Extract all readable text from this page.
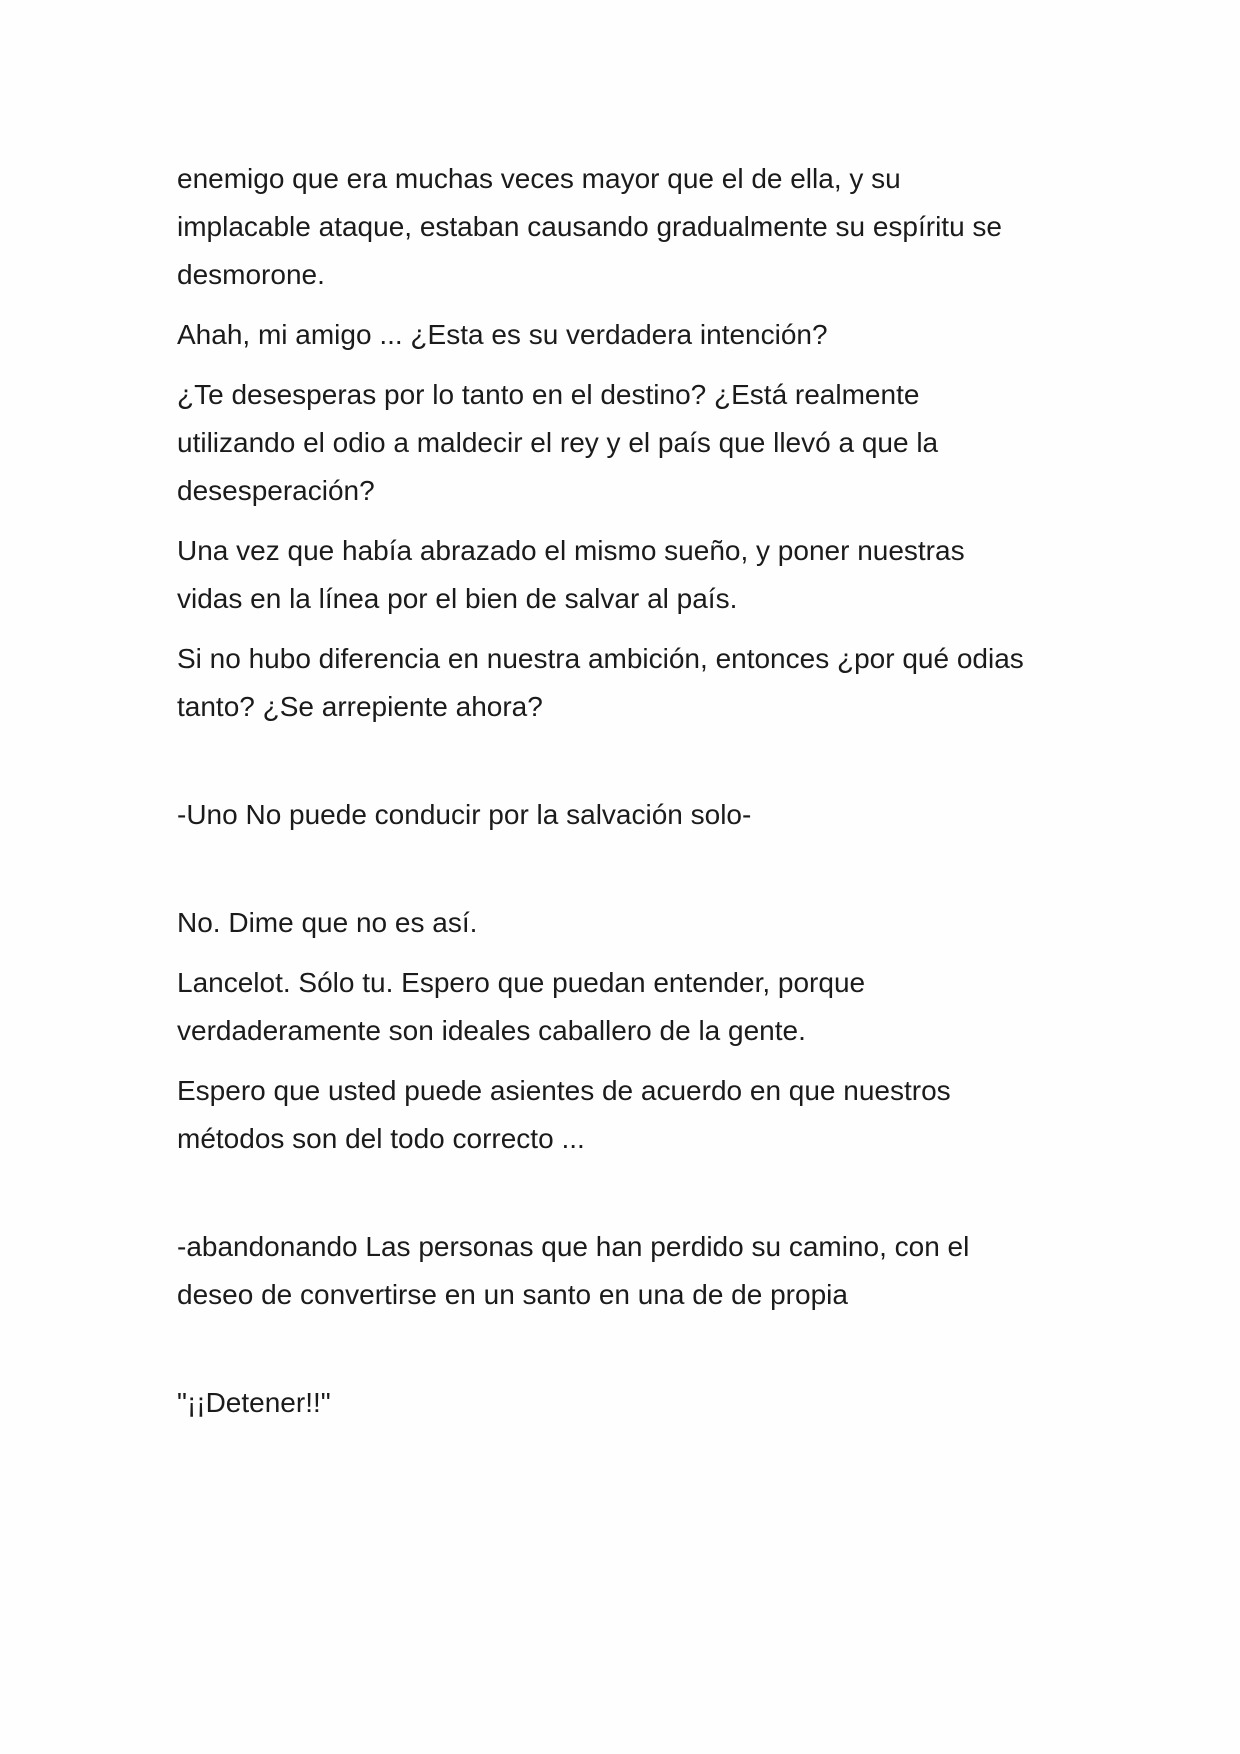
enemigo que era muchas veces mayor que el de ella, y su
implacable ataque, estaban causando gradualmente su espíritu se
desmorone.

Ahah, mi amigo ... ¿Esta es su verdadera intención?

¿Te desesperas por lo tanto en el destino? ¿Está realmente
utilizando el odio a maldecir el rey y el país que llevó a que la
desesperación?

Una vez que había abrazado el mismo sueño, y poner nuestras
vidas en la línea por el bien de salvar al país.

Si no hubo diferencia en nuestra ambición, entonces ¿por qué odias
tanto? ¿Se arrepiente ahora?

-Uno No puede conducir por la salvación solo-

No. Dime que no es así.

Lancelot. Sólo tu. Espero que puedan entender, porque
verdaderamente son ideales caballero de la gente.

Espero que usted puede asientes de acuerdo en que nuestros
métodos son del todo correcto ...

-abandonando Las personas que han perdido su camino, con el
deseo de convertirse en un santo en una de de propia

"¡¡Detener!!"
